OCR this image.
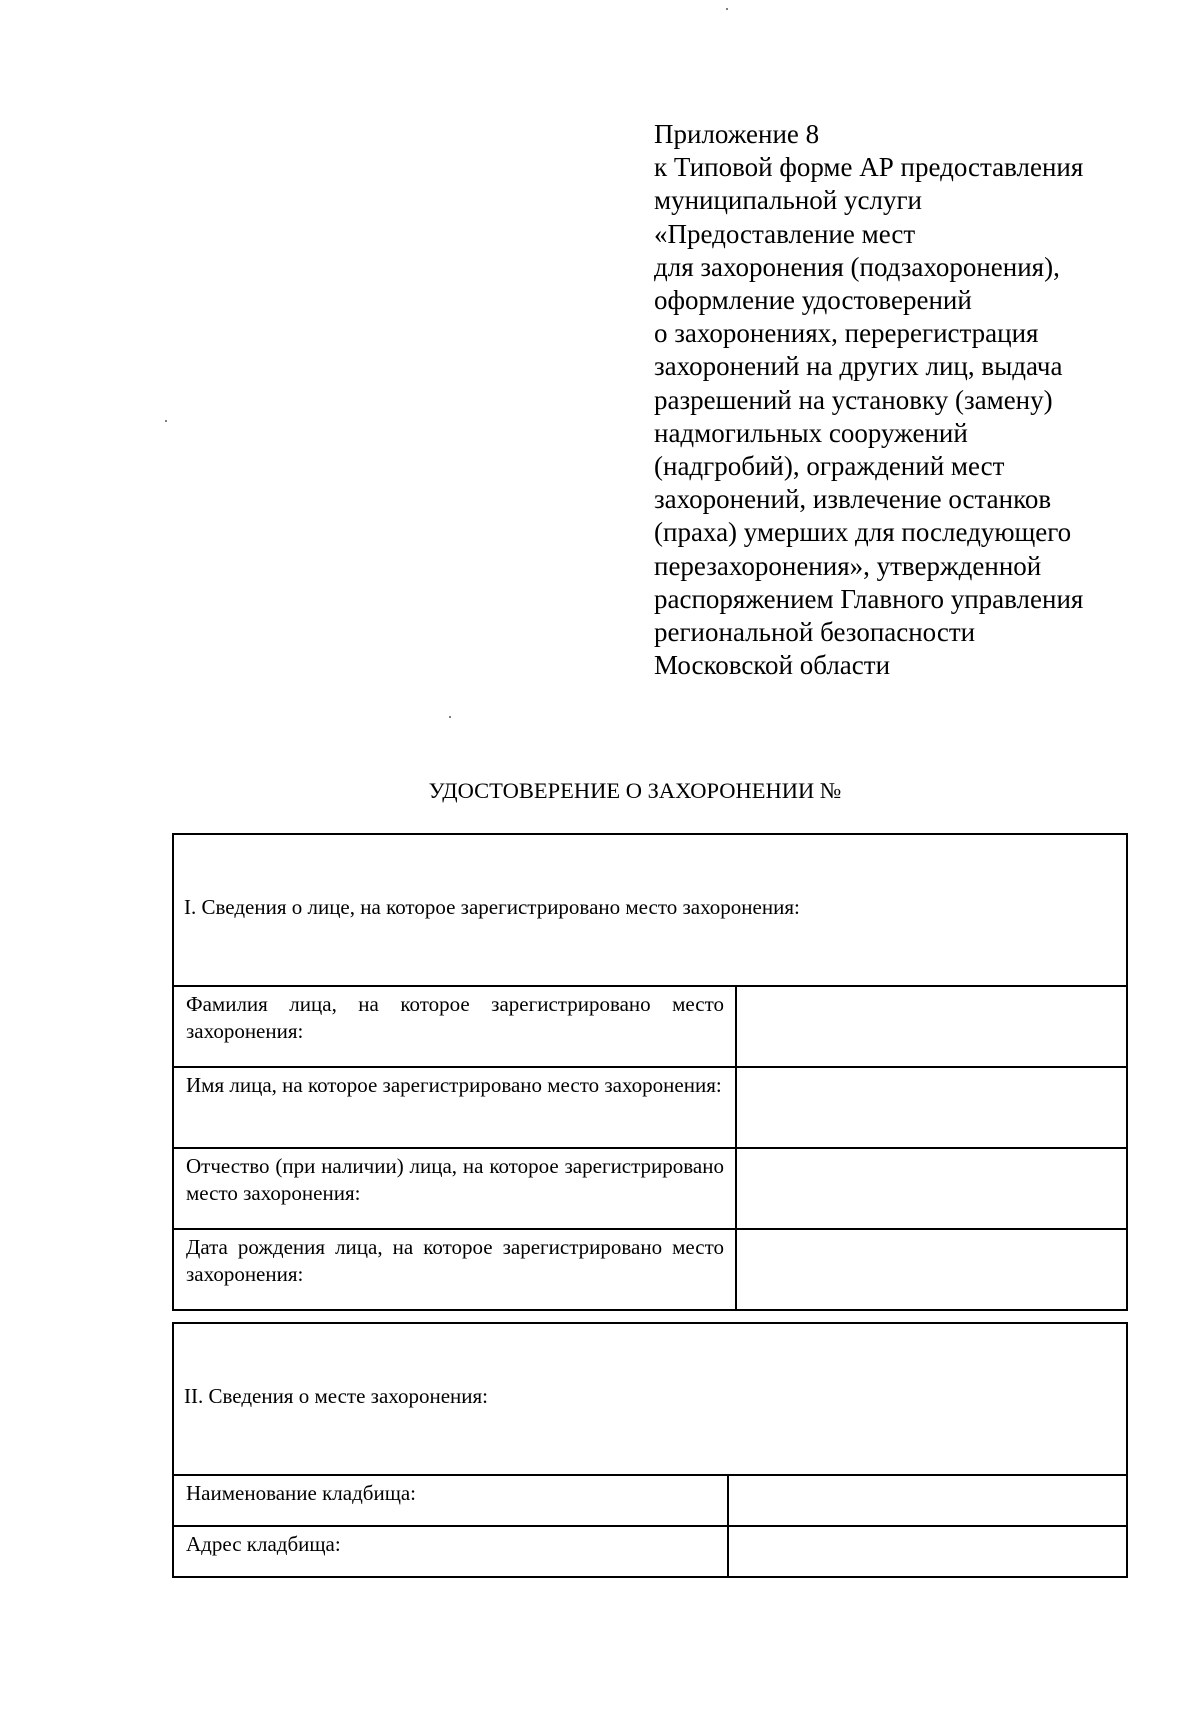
Приложение 8
к Типовой форме АР предоставления
муниципальной услуги
«Предоставление мест
для захоронения (подзахоронения),
оформление удостоверений
о захоронениях, перерегистрация
захоронений на других лиц, выдача
разрешений на установку (замену)
надмогильных сооружений
(надгробий), ограждений мест
захоронений, извлечение останков
(праха) умерших для последующего
перезахоронения», утвержденной
распоряжением Главного управления
региональной безопасности
Московской области
УДОСТОВЕРЕНИЕ О ЗАХОРОНЕНИИ №
I. Сведения о лице, на которое зарегистрировано место захоронения:	
Фамилия лица, на которое зарегистрировано место захоронения:	
Имя лица, на которое зарегистрировано место захоронения:	
Отчество (при наличии) лица, на которое зарегистрировано место захоронения:	
Дата рождения лица, на которое зарегистрировано место захоронения:	
II. Сведения о месте захоронения:	
Наименование кладбища:	
Адрес кладбища:	
